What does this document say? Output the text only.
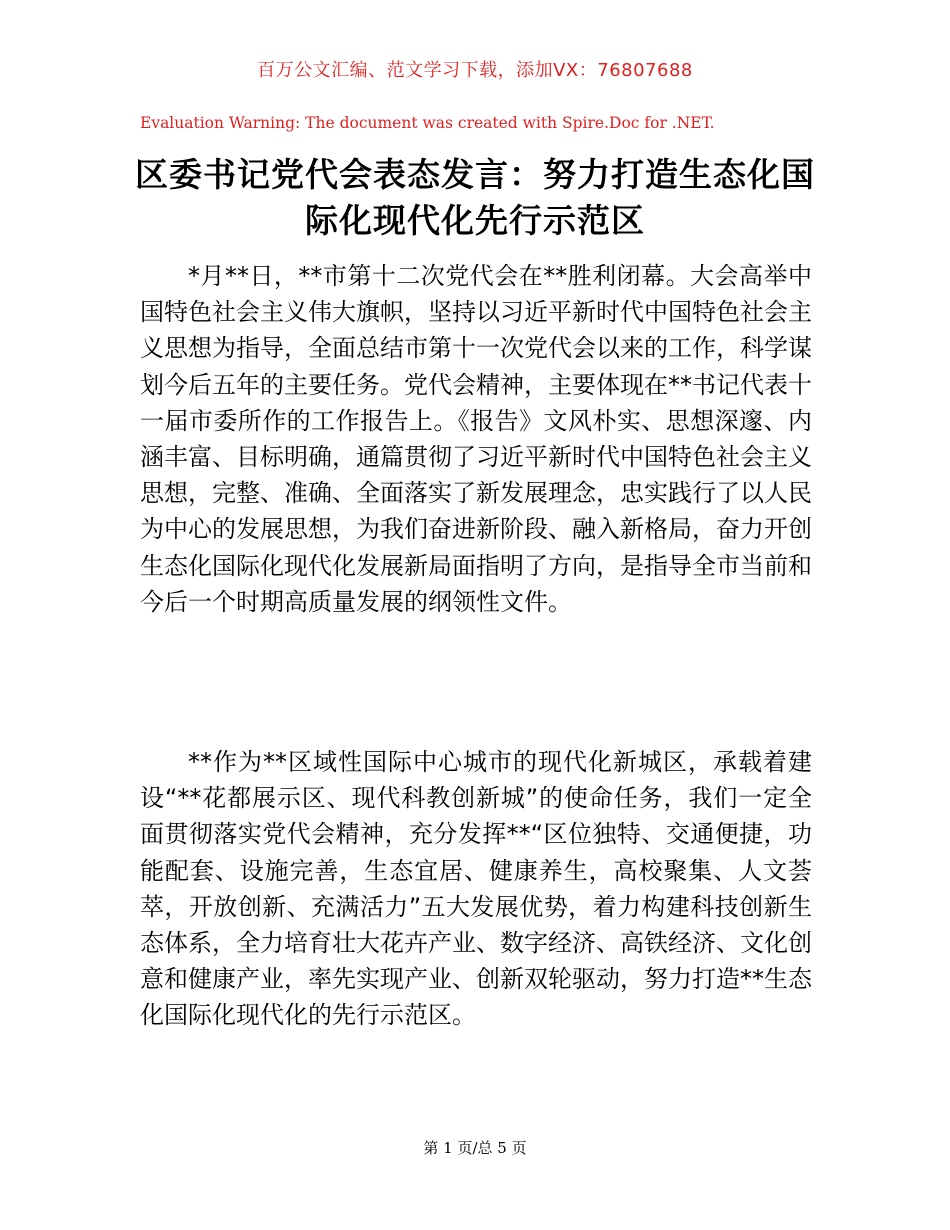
百万公文汇编、范文学习下载，添加VX：76807688
Evaluation Warning: The document was created with Spire.Doc for .NET.
区委书记党代会表态发言：努力打造生态化国际化现代化先行示范区

*月**日，**市第十二次党代会在**胜利闭幕。大会高举中国特色社会主义伟大旗帜，坚持以习近平新时代中国特色社会主义思想为指导，全面总结市第十一次党代会以来的工作，科学谋划今后五年的主要任务。党代会精神，主要体现在**书记代表十一届市委所作的工作报告上。《报告》文风朴实、思想深邃、内涵丰富、目标明确，通篇贯彻了习近平新时代中国特色社会主义思想，完整、准确、全面落实了新发展理念，忠实践行了以人民为中心的发展思想，为我们奋进新阶段、融入新格局，奋力开创生态化国际化现代化发展新局面指明了方向，是指导全市当前和今后一个时期高质量发展的纲领性文件。

**作为**区域性国际中心城市的现代化新城区，承载着建设“**花都展示区、现代科教创新城”的使命任务，我们一定全面贯彻落实党代会精神，充分发挥**“区位独特、交通便捷，功能配套、设施完善，生态宜居、健康养生，高校聚集、人文荟萃，开放创新、充满活力”五大发展优势，着力构建科技创新生态体系，全力培育壮大花卉产业、数字经济、高铁经济、文化创意和健康产业，率先实现产业、创新双轮驱动，努力打造**生态化国际化现代化的先行示范区。

第 1 页/总 5 页
